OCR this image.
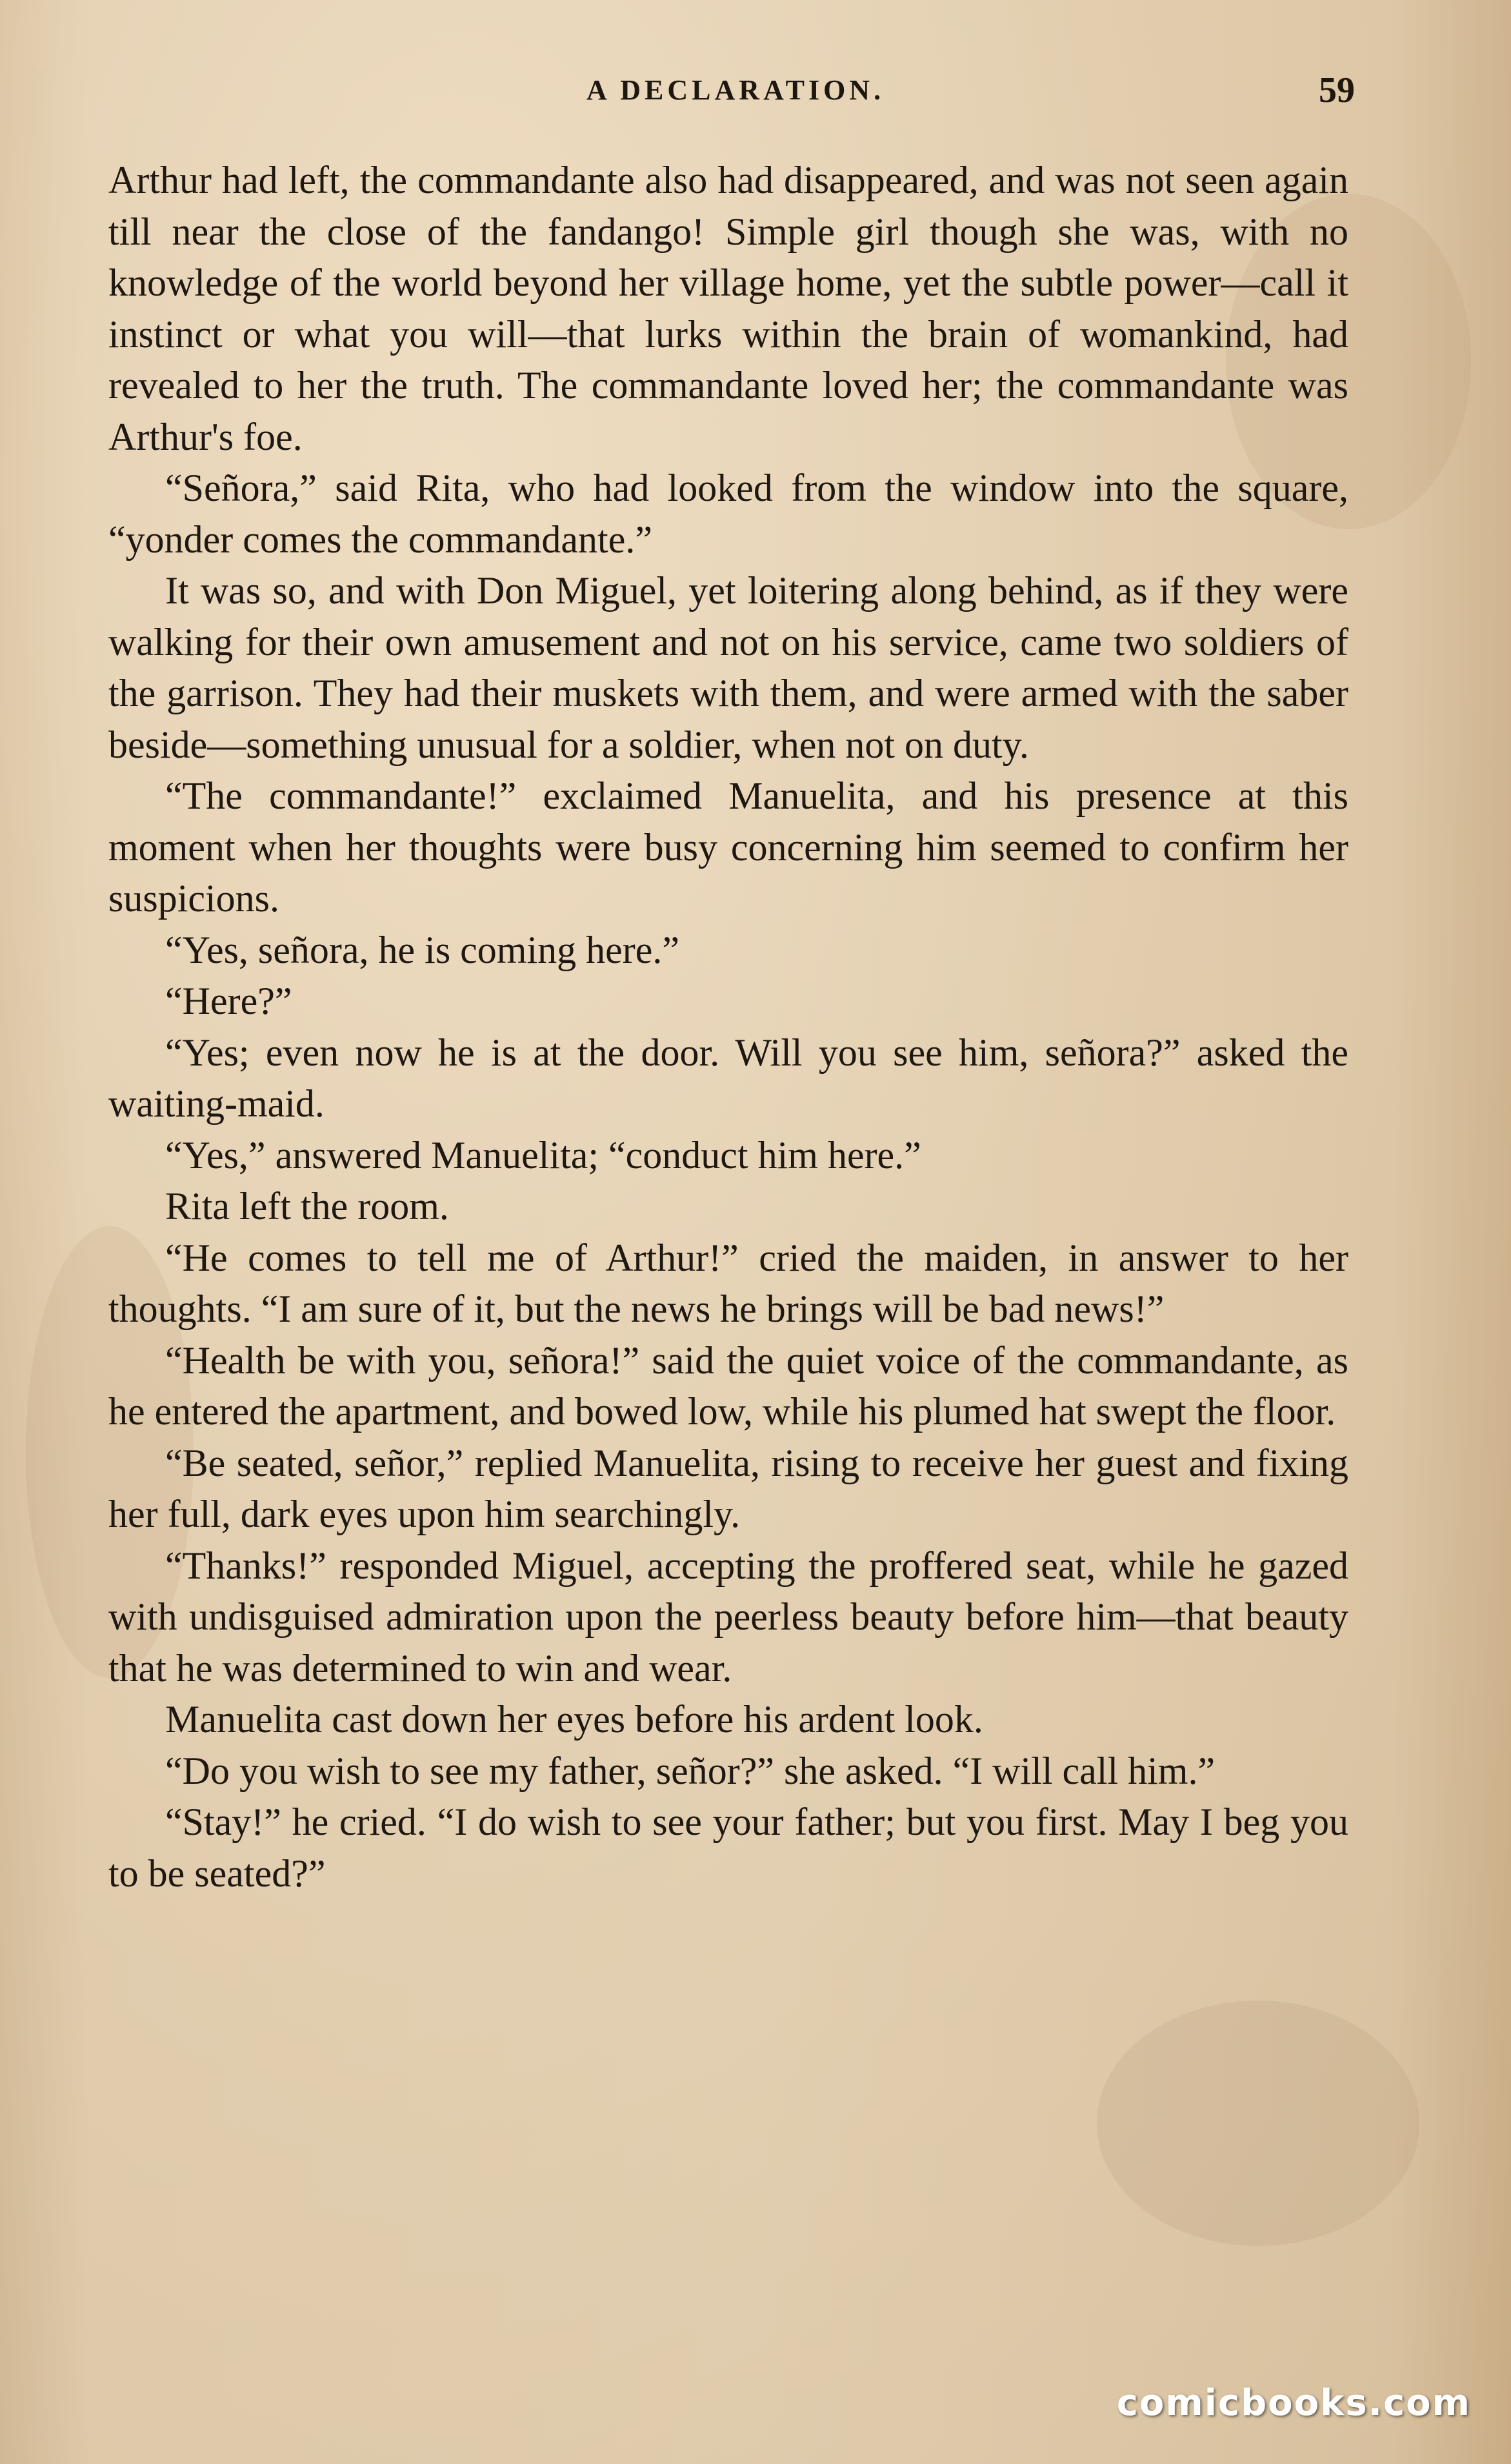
A DECLARATION.	59

Arthur had left, the commandante also had disappeared, and was not seen again till near the close of the fandango! Simple girl though she was, with no knowledge of the world beyond her village home, yet the subtle power—call it instinct or what you will—that lurks within the brain of womankind, had revealed to her the truth. The commandante loved her; the commandante was Arthur's foe.

“Señora,” said Rita, who had looked from the window into the square, “yonder comes the commandante.”

It was so, and with Don Miguel, yet loitering along behind, as if they were walking for their own amusement and not on his service, came two soldiers of the garrison. They had their muskets with them, and were armed with the saber beside—something unusual for a soldier, when not on duty.

“The commandante!” exclaimed Manuelita, and his presence at this moment when her thoughts were busy concerning him seemed to confirm her suspicions.

“Yes, señora, he is coming here.”

“Here?”

“Yes; even now he is at the door. Will you see him, señora?” asked the waiting-maid.

“Yes,” answered Manuelita; “conduct him here.”

Rita left the room.

“He comes to tell me of Arthur!” cried the maiden, in answer to her thoughts. “I am sure of it, but the news he brings will be bad news!”

“Health be with you, señora!” said the quiet voice of the commandante, as he entered the apartment, and bowed low, while his plumed hat swept the floor.

“Be seated, señor,” replied Manuelita, rising to receive her guest and fixing her full, dark eyes upon him searchingly.

“Thanks!” responded Miguel, accepting the proffered seat, while he gazed with undisguised admiration upon the peerless beauty before him—that beauty that he was determined to win and wear.

Manuelita cast down her eyes before his ardent look.

“Do you wish to see my father, señor?” she asked. “I will call him.”

“Stay!” he cried. “I do wish to see your father; but you first. May I beg you to be seated?”

comicbooks.com
